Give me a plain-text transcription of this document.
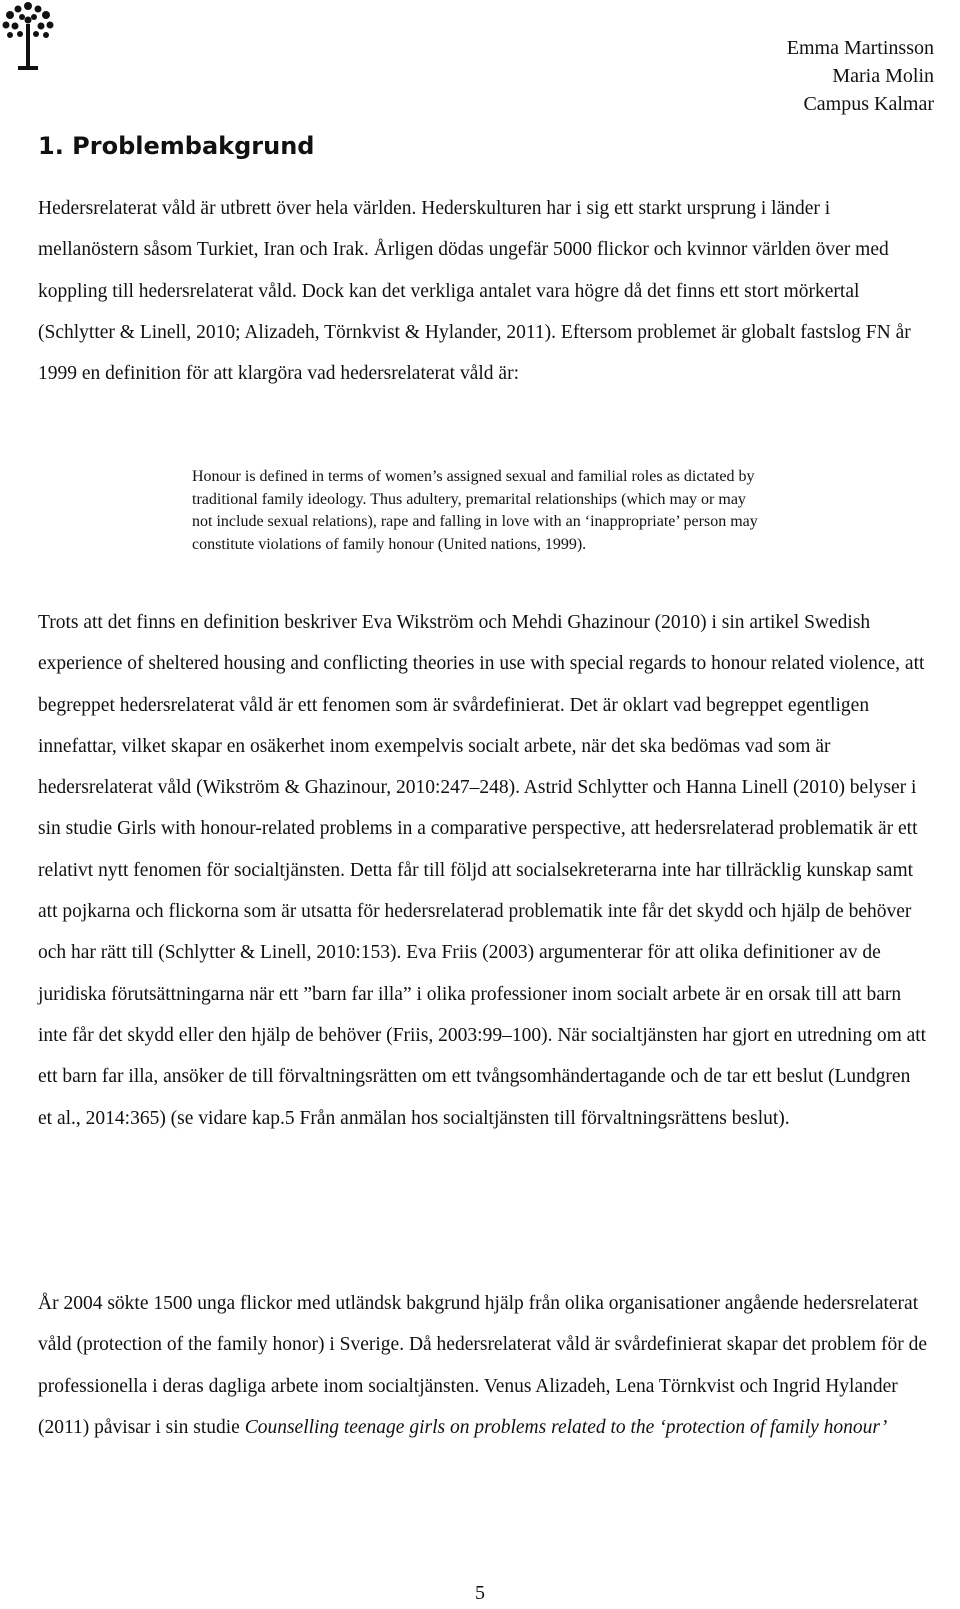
Emma Martinsson
Maria Molin
Campus Kalmar
1. Problembakgrund

Hedersrelaterat våld är utbrett över hela världen. Hederskulturen har i sig ett starkt ursprung i länder i mellanöstern såsom Turkiet, Iran och Irak. Årligen dödas ungefär 5000 flickor och kvinnor världen över med koppling till hedersrelaterat våld. Dock kan det verkliga antalet vara högre då det finns ett stort mörkertal (Schlytter & Linell, 2010; Alizadeh, Törnkvist & Hylander, 2011). Eftersom problemet är globalt fastslog FN år 1999 en definition för att klargöra vad hedersrelaterat våld är:

Honour is defined in terms of women’s assigned sexual and familial roles as dictated by traditional family ideology. Thus adultery, premarital relationships (which may or may not include sexual relations), rape and falling in love with an ‘inappropriate’ person may constitute violations of family honour (United nations, 1999).

Trots att det finns en definition beskriver Eva Wikström och Mehdi Ghazinour (2010) i sin artikel Swedish experience of sheltered housing and conflicting theories in use with special regards to honour related violence, att begreppet hedersrelaterat våld är ett fenomen som är svårdefinierat. Det är oklart vad begreppet egentligen innefattar, vilket skapar en osäkerhet inom exempelvis socialt arbete, när det ska bedömas vad som är hedersrelaterat våld (Wikström & Ghazinour, 2010:247–248). Astrid Schlytter och Hanna Linell (2010) belyser i sin studie Girls with honour-related problems in a comparative perspective, att hedersrelaterad problematik är ett relativt nytt fenomen för socialtjänsten. Detta får till följd att socialsekreterarna inte har tillräcklig kunskap samt att pojkarna och flickorna som är utsatta för hedersrelaterad problematik inte får det skydd och hjälp de behöver och har rätt till (Schlytter & Linell, 2010:153). Eva Friis (2003) argumenterar för att olika definitioner av de juridiska förutsättningarna när ett ”barn far illa” i olika professioner inom socialt arbete är en orsak till att barn inte får det skydd eller den hjälp de behöver (Friis, 2003:99–100). När socialtjänsten har gjort en utredning om att ett barn far illa, ansöker de till förvaltningsrätten om ett tvångsomhändertagande och de tar ett beslut (Lundgren et al., 2014:365) (se vidare kap.5 Från anmälan hos socialtjänsten till förvaltningsrättens beslut).

År 2004 sökte 1500 unga flickor med utländsk bakgrund hjälp från olika organisationer angående hedersrelaterat våld (protection of the family honor) i Sverige. Då hedersrelaterat våld är svårdefinierat skapar det problem för de professionella i deras dagliga arbete inom socialtjänsten. Venus Alizadeh, Lena Törnkvist och Ingrid Hylander (2011) påvisar i sin studie Counselling teenage girls on problems related to the ‘protection of family honour’

5
